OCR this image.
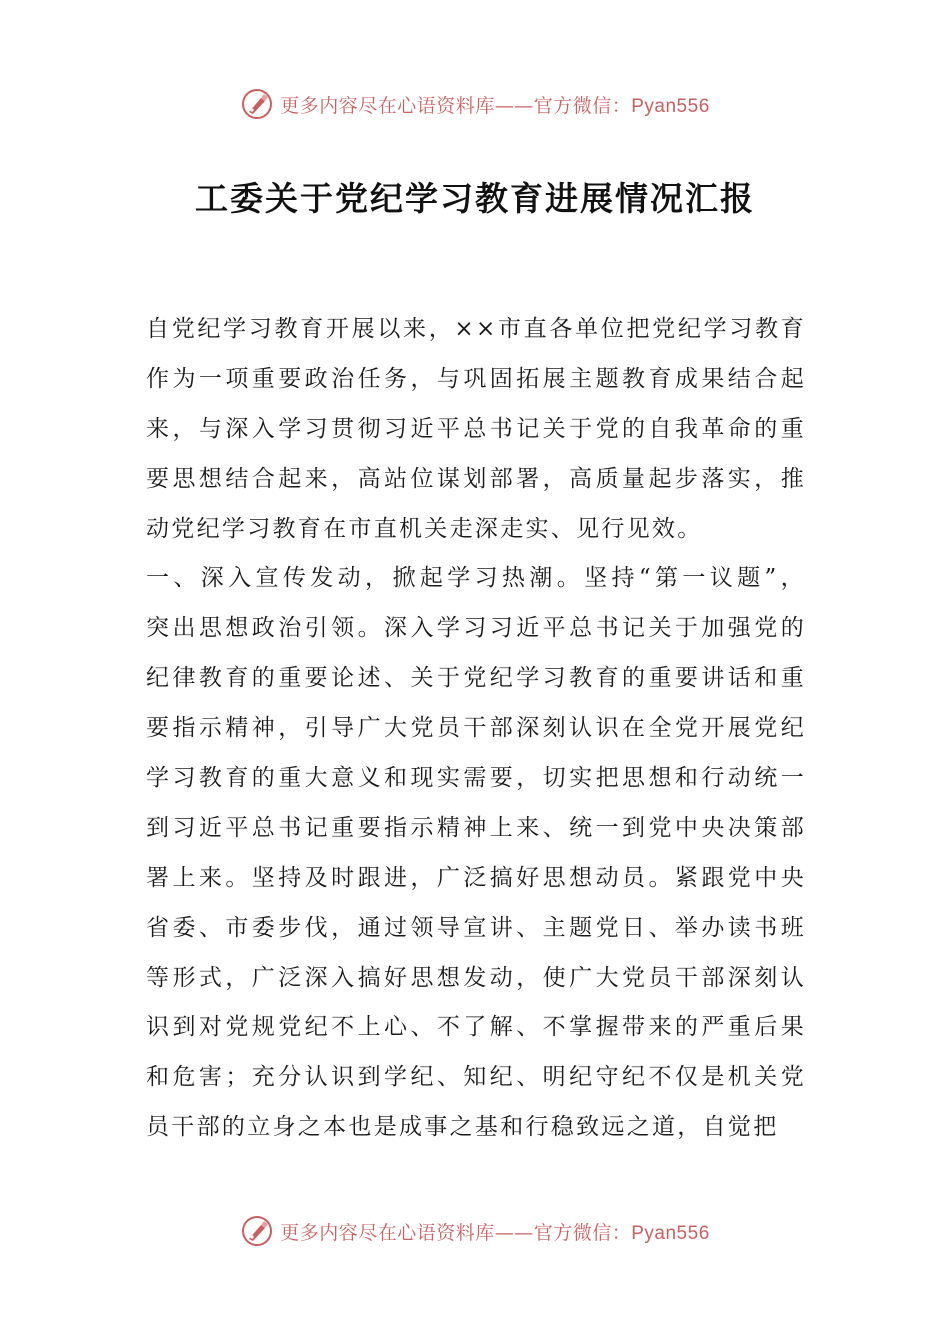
更多内容尽在心语资料库——官方微信：Pyan556
工委关于党纪学习教育进展情况汇报
自党纪学习教育开展以来，××市直各单位把党纪学习教育
作为一项重要政治任务，与巩固拓展主题教育成果结合起
来，与深入学习贯彻习近平总书记关于党的自我革命的重
要思想结合起来，高站位谋划部署，高质量起步落实，推
动党纪学习教育在市直机关走深走实、见行见效。
一、深入宣传发动，掀起学习热潮。坚持“第一议题”，
突出思想政治引领。深入学习习近平总书记关于加强党的
纪律教育的重要论述、关于党纪学习教育的重要讲话和重
要指示精神，引导广大党员干部深刻认识在全党开展党纪
学习教育的重大意义和现实需要，切实把思想和行动统一
到习近平总书记重要指示精神上来、统一到党中央决策部
署上来。坚持及时跟进，广泛搞好思想动员。紧跟党中央
省委、市委步伐，通过领导宣讲、主题党日、举办读书班
等形式，广泛深入搞好思想发动，使广大党员干部深刻认
识到对党规党纪不上心、不了解、不掌握带来的严重后果
和危害；充分认识到学纪、知纪、明纪守纪不仅是机关党
员干部的立身之本也是成事之基和行稳致远之道，自觉把
更多内容尽在心语资料库——官方微信：Pyan556
